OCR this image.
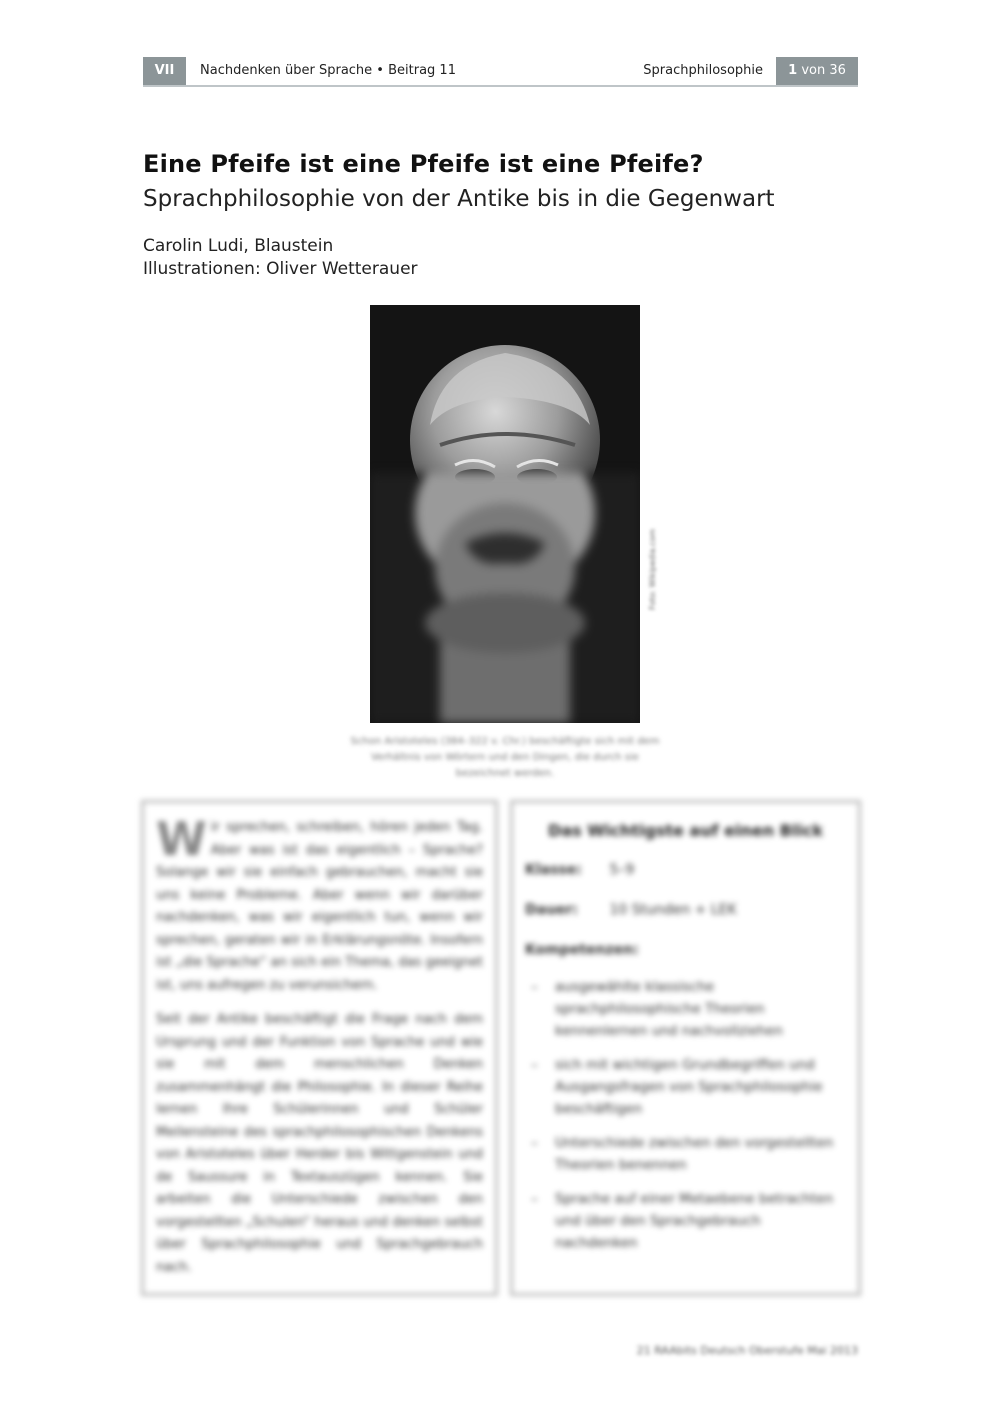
VII	Nachdenken über Sprache • Beitrag 11	Sprachphilosophie	1 von 36
Eine Pfeife ist eine Pfeife ist eine Pfeife?
Sprachphilosophie von der Antike bis in die Gegenwart
Carolin Ludi, Blaustein
Illustrationen: Oliver Wetterauer
Foto: Wikipedia.com
Schon Aristoteles (384–322 v. Chr.) beschäftigte sich mit dem Verhältnis von Wörtern und den Dingen, die durch sie bezeichnet werden.
W ir sprechen, schreiben, hören jeden Tag. Aber was ist das eigentlich – Sprache? Solange wir sie einfach gebrauchen, macht sie uns keine Probleme. Aber wenn wir darüber nachdenken, was wir eigentlich tun, wenn wir sprechen, geraten wir in Erklärungsnöte. Insofern ist „die Sprache“ an sich ein Thema, das geeignet ist, uns aufregen zu verunsichern.

Seit der Antike beschäftigt die Frage nach dem Ursprung und der Funktion von Sprache und wie sie mit dem menschlichen Denken zusammenhängt die Philosophie. In dieser Reihe lernen Ihre Schülerinnen und Schüler Meilensteine des sprachphilosophischen Denkens von Aristoteles über Herder bis Wittgenstein und de Saussure in Textauszügen kennen. Sie arbeiten die Unterschiede zwischen den vorgestellten „Schulen“ heraus und denken selbst über Sprachphilosophie und Sprachgebrauch nach.

Das Wichtigste auf einen Blick
Klasse: 5–9
Dauer: 10 Stunden + LEK
Kompetenzen:
– ausgewählte klassische sprachphilosophische Theorien kennenlernen und nachvollziehen
– sich mit wichtigen Grundbegriffen und Ausgangsfragen von Sprachphilosophie beschäftigen
– Unterschiede zwischen den vorgestellten Theorien benennen
– Sprache auf einer Metaebene betrachten und über den Sprachgebrauch nachdenken
21 RAAbits Deutsch Oberstufe Mai 2013
